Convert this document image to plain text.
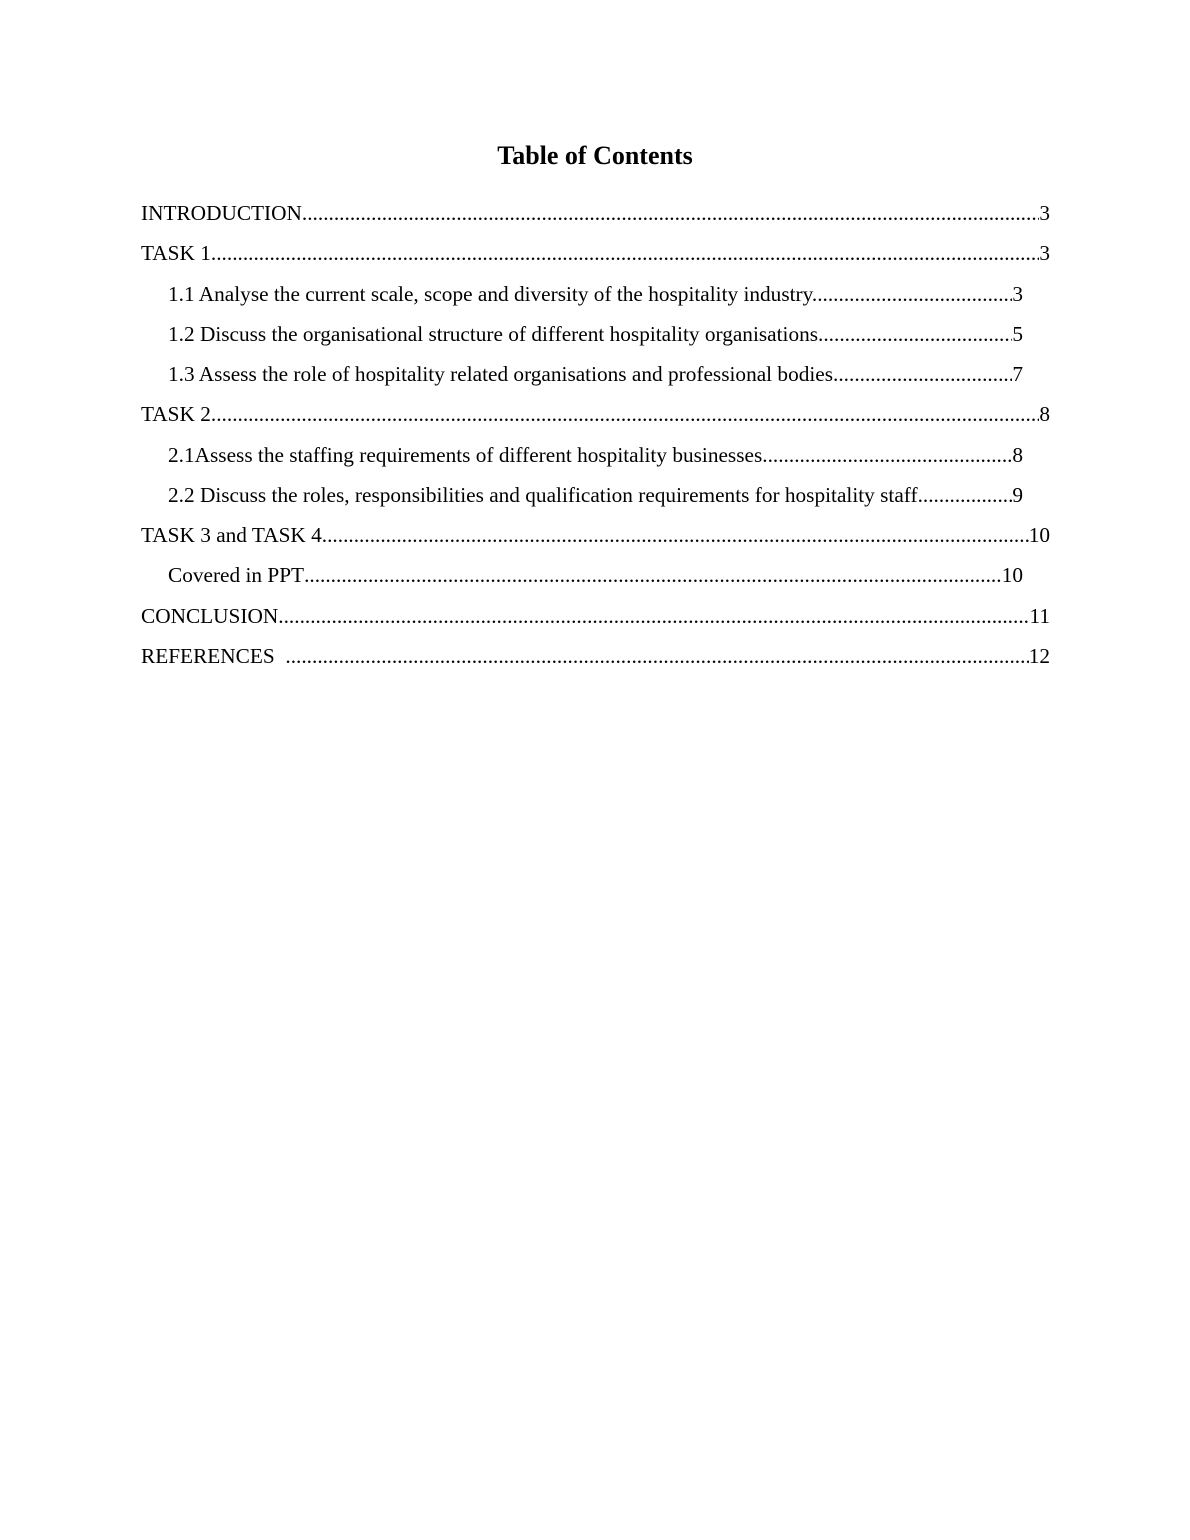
Table of Contents
INTRODUCTION .....	3
TASK 1 .....	3
1.1 Analyse the current scale, scope and diversity of the hospitality industry. .....	3
1.2 Discuss the organisational structure of different hospitality organisations. .....	5
1.3 Assess the role of hospitality related organisations and professional bodies. .....	7
TASK 2 .....	8
2.1Assess the staffing requirements of different hospitality businesses. .....	8
2.2 Discuss the roles, responsibilities and qualification requirements for hospitality staff. .....	9
TASK 3 and TASK 4 .....	10
Covered in PPT .....	10
CONCLUSION .....	11
REFERENCES .....	12
